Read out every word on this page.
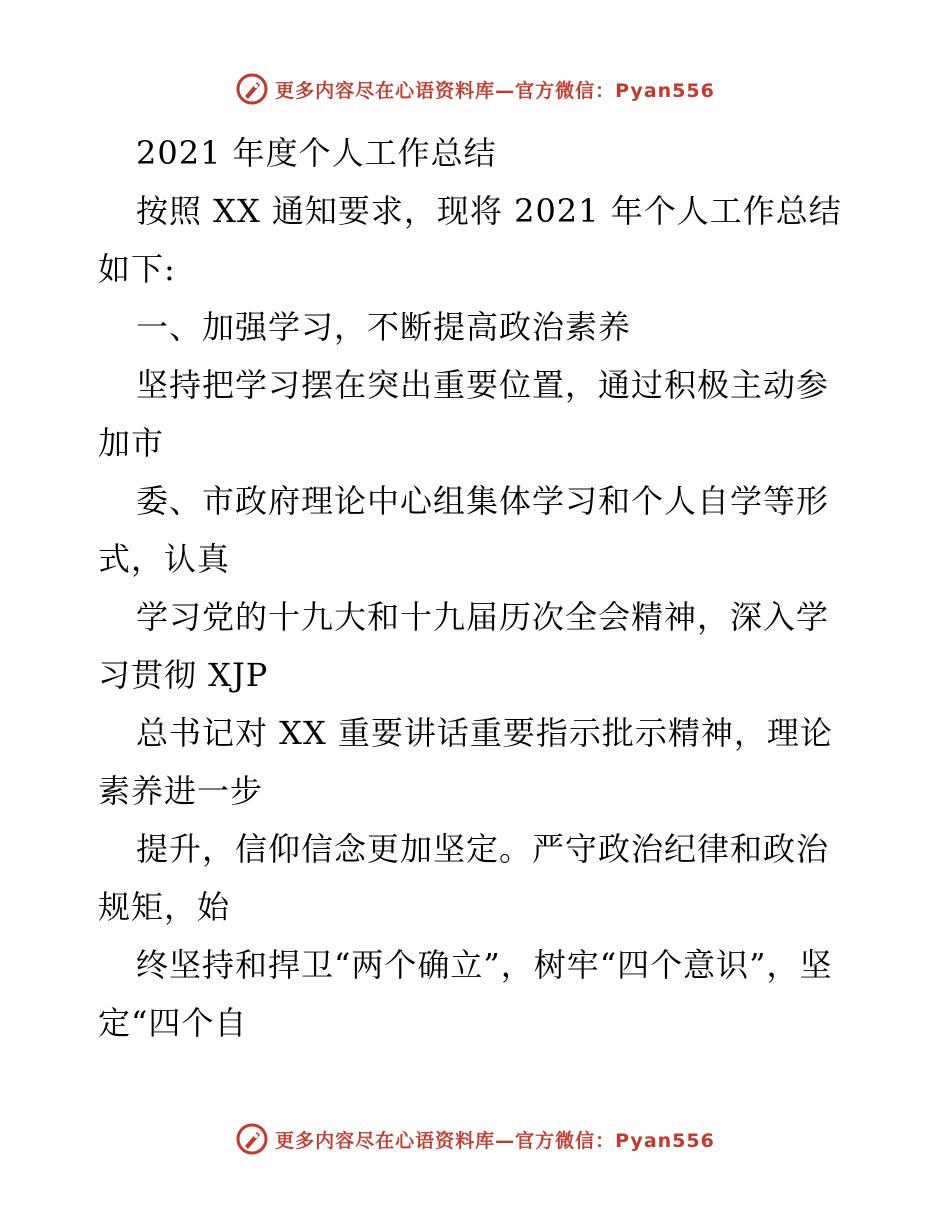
更多内容尽在心语资料库—官方微信：Pyan556

2021 年度个人工作总结

按照 XX 通知要求，现将 2021 年个人工作总结如下:

一、加强学习，不断提高政治素养

坚持把学习摆在突出重要位置，通过积极主动参加市

委、市政府理论中心组集体学习和个人自学等形式，认真

学习党的十九大和十九届历次全会精神，深入学习贯彻 XJP

总书记对 XX 重要讲话重要指示批示精神，理论素养进一步

提升，信仰信念更加坚定。严守政治纪律和政治规矩，始

终坚持和捍卫“两个确立”，树牢“四个意识”，坚定“四个自

更多内容尽在心语资料库—官方微信：Pyan556
